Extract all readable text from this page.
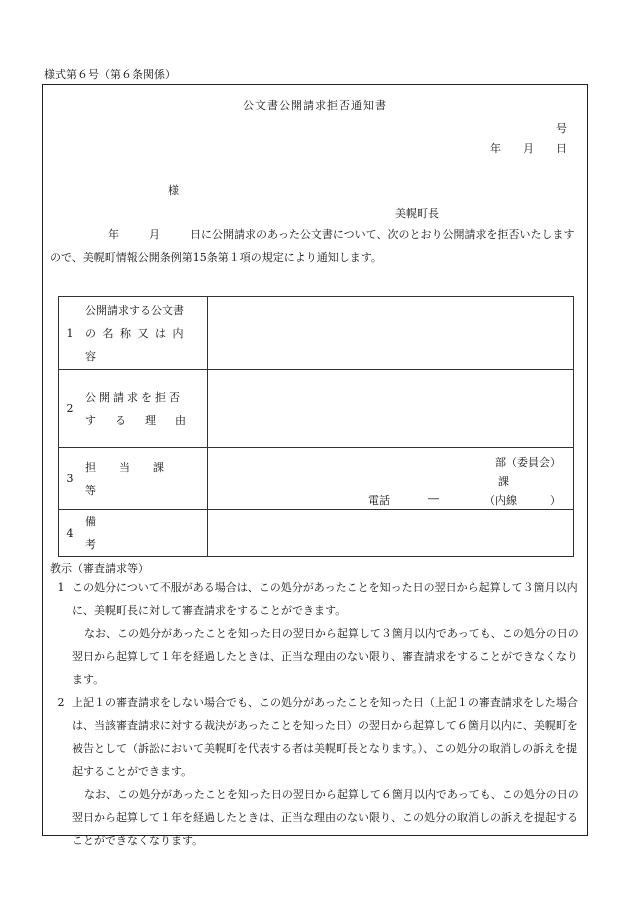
様式第６号（第６条関係）
公文書公開請求拒否通知書
号
年 月 日
様
美幌町長
年	月	日に公開請求のあった公文書について、次のとおり公開請求を拒否いたしますので、美幌町情報公開条例第15条第１項の規定により通知します。
1	公開請求する公文書
の名称又は内容	

2	公開請求を拒否
する理由	

3	担当課等	部（委員会）
課
電話 ― （内線　　　）

4	備考	
教示（審査請求等）

1 この処分について不服がある場合は、この処分があったことを知った日の翌日から起算して３箇月以内に、美幌町長に対して審査請求をすることができます。

なお、この処分があったことを知った日の翌日から起算して３箇月以内であっても、この処分の日の翌日から起算して１年を経過したときは、正当な理由のない限り、審査請求をすることができなくなります。

2 上記１の審査請求をしない場合でも、この処分があったことを知った日（上記１の審査請求をした場合は、当該審査請求に対する裁決があったことを知った日）の翌日から起算して６箇月以内に、美幌町を被告として（訴訟において美幌町を代表する者は美幌町長となります。）、この処分の取消しの訴えを提起することができます。

なお、この処分があったことを知った日の翌日から起算して６箇月以内であっても、この処分の日の翌日から起算して１年を経過したときは、正当な理由のない限り、この処分の取消しの訴えを提起することができなくなります。
